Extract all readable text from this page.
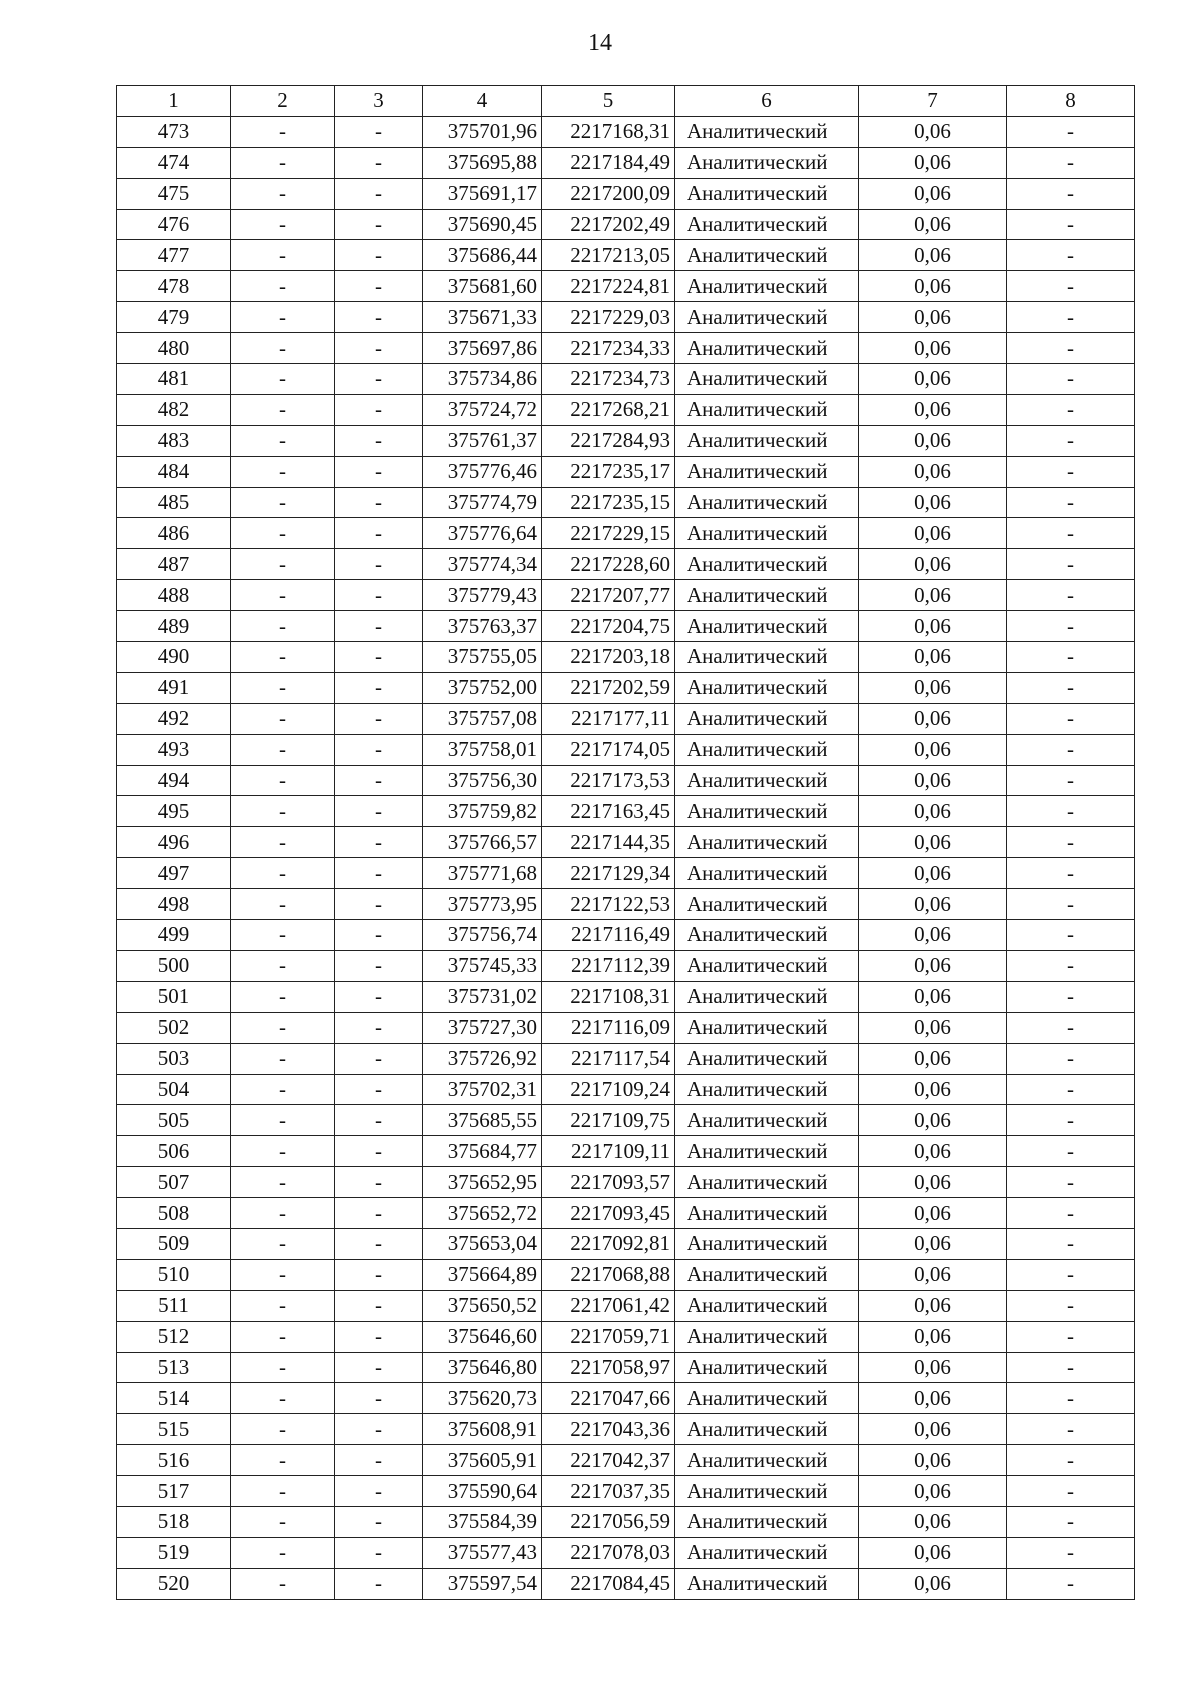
14
1	2	3	4	5	6	7	8
473	-	-	375701,96	2217168,31	Аналитический	0,06	-
474	-	-	375695,88	2217184,49	Аналитический	0,06	-
475	-	-	375691,17	2217200,09	Аналитический	0,06	-
476	-	-	375690,45	2217202,49	Аналитический	0,06	-
477	-	-	375686,44	2217213,05	Аналитический	0,06	-
478	-	-	375681,60	2217224,81	Аналитический	0,06	-
479	-	-	375671,33	2217229,03	Аналитический	0,06	-
480	-	-	375697,86	2217234,33	Аналитический	0,06	-
481	-	-	375734,86	2217234,73	Аналитический	0,06	-
482	-	-	375724,72	2217268,21	Аналитический	0,06	-
483	-	-	375761,37	2217284,93	Аналитический	0,06	-
484	-	-	375776,46	2217235,17	Аналитический	0,06	-
485	-	-	375774,79	2217235,15	Аналитический	0,06	-
486	-	-	375776,64	2217229,15	Аналитический	0,06	-
487	-	-	375774,34	2217228,60	Аналитический	0,06	-
488	-	-	375779,43	2217207,77	Аналитический	0,06	-
489	-	-	375763,37	2217204,75	Аналитический	0,06	-
490	-	-	375755,05	2217203,18	Аналитический	0,06	-
491	-	-	375752,00	2217202,59	Аналитический	0,06	-
492	-	-	375757,08	2217177,11	Аналитический	0,06	-
493	-	-	375758,01	2217174,05	Аналитический	0,06	-
494	-	-	375756,30	2217173,53	Аналитический	0,06	-
495	-	-	375759,82	2217163,45	Аналитический	0,06	-
496	-	-	375766,57	2217144,35	Аналитический	0,06	-
497	-	-	375771,68	2217129,34	Аналитический	0,06	-
498	-	-	375773,95	2217122,53	Аналитический	0,06	-
499	-	-	375756,74	2217116,49	Аналитический	0,06	-
500	-	-	375745,33	2217112,39	Аналитический	0,06	-
501	-	-	375731,02	2217108,31	Аналитический	0,06	-
502	-	-	375727,30	2217116,09	Аналитический	0,06	-
503	-	-	375726,92	2217117,54	Аналитический	0,06	-
504	-	-	375702,31	2217109,24	Аналитический	0,06	-
505	-	-	375685,55	2217109,75	Аналитический	0,06	-
506	-	-	375684,77	2217109,11	Аналитический	0,06	-
507	-	-	375652,95	2217093,57	Аналитический	0,06	-
508	-	-	375652,72	2217093,45	Аналитический	0,06	-
509	-	-	375653,04	2217092,81	Аналитический	0,06	-
510	-	-	375664,89	2217068,88	Аналитический	0,06	-
511	-	-	375650,52	2217061,42	Аналитический	0,06	-
512	-	-	375646,60	2217059,71	Аналитический	0,06	-
513	-	-	375646,80	2217058,97	Аналитический	0,06	-
514	-	-	375620,73	2217047,66	Аналитический	0,06	-
515	-	-	375608,91	2217043,36	Аналитический	0,06	-
516	-	-	375605,91	2217042,37	Аналитический	0,06	-
517	-	-	375590,64	2217037,35	Аналитический	0,06	-
518	-	-	375584,39	2217056,59	Аналитический	0,06	-
519	-	-	375577,43	2217078,03	Аналитический	0,06	-
520	-	-	375597,54	2217084,45	Аналитический	0,06	-
